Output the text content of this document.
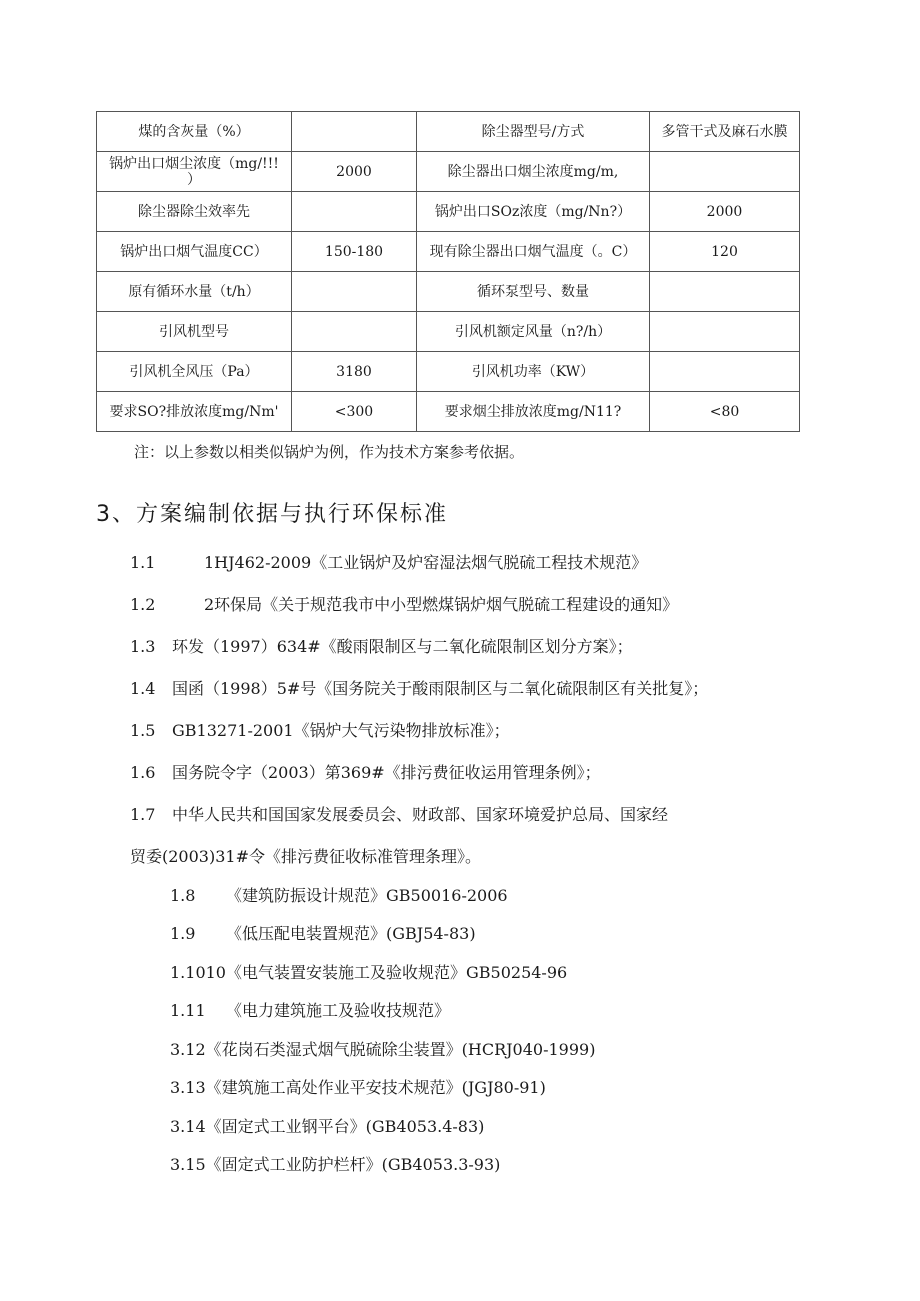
煤的含灰量（%）		除尘器型号/方式	多管干式及麻石水膜
锅炉出口烟尘浓度（mg/!!!
）	2000	除尘器出口烟尘浓度mg/m,	
除尘器除尘效率先		锅炉出口SOz浓度（mg/Nn?）	2000
锅炉出口烟气温度CC）	150-180	现有除尘器出口烟气温度（。C）	120
原有循环水量（t/h）		循环泵型号、数量	
引风机型号		引风机额定风量（n?/h）	
引风机全风压（Pa）	3180	引风机功率（KW）	
要求SO?排放浓度mg/Nm'	<300	要求烟尘排放浓度mg/N11?	<80
注：以上参数以相类似锅炉为例，作为技术方案参考依据。
3、方案编制依据与执行环保标准
1.1	1HJ462-2009《工业锅炉及炉窑湿法烟气脱硫工程技术规范》
1.2	2环保局《关于规范我市中小型燃煤锅炉烟气脱硫工程建设的通知》
1.3 环发（1997）634#《酸雨限制区与二氧化硫限制区划分方案》；
1.4 国函（1998）5#号《国务院关于酸雨限制区与二氧化硫限制区有关批复》；
1.5 GB13271-2001《锅炉大气污染物排放标准》；
1.6 国务院令字（2003）第369#《排污费征收运用管理条例》；
1.7 中华人民共和国国家发展委员会、财政部、国家环境爱护总局、国家经
贸委(2003)31#令《排污费征收标准管理条理》。
1.8 《建筑防振设计规范》GB50016-2006
1.9 《低压配电装置规范》(GBJ54-83)
1.1010《电气装置安装施工及验收规范》GB50254-96
1.11 《电力建筑施工及验收技规范》
3.12《花岗石类湿式烟气脱硫除尘装置》(HCRJ040-1999)
3.13《建筑施工高处作业平安技术规范》(JGJ80-91)
3.14《固定式工业钢平台》(GB4053.4-83)
3.15《固定式工业防护栏杆》(GB4053.3-93)
